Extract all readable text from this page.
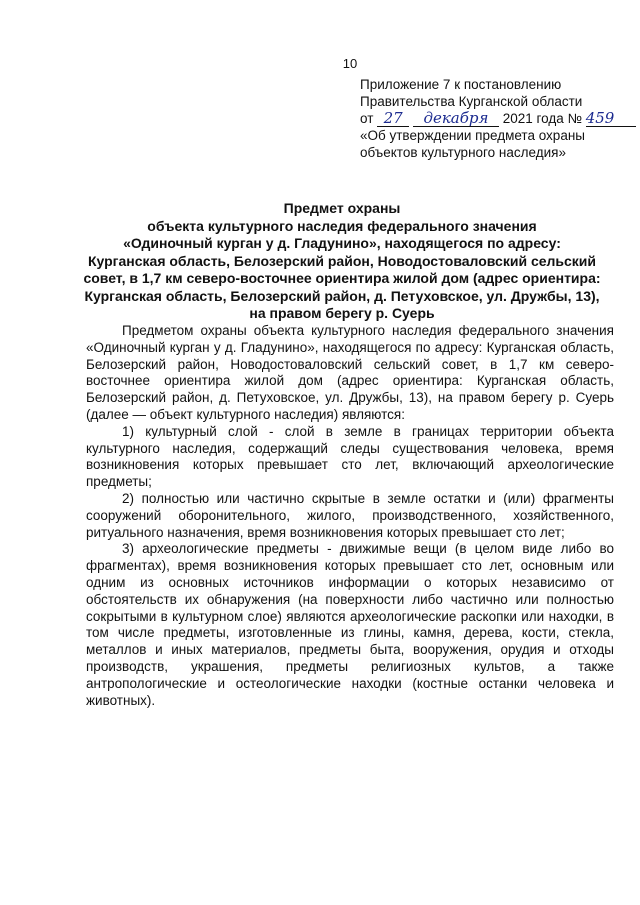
10
Приложение 7 к постановлению
Правительства Курганской области
от 27 декабря 2021 года № 459
«Об утверждении предмета охраны
объектов культурного наследия»
Предмет охраны
объекта культурного наследия федерального значения
«Одиночный курган у д. Гладунино», находящегося по адресу:
Курганская область, Белозерский район, Новодостоваловский сельский
совет, в 1,7 км северо-восточнее ориентира жилой дом (адрес ориентира:
Курганская область, Белозерский район, д. Петуховское, ул. Дружбы, 13),
на правом берегу р. Суерь

Предметом охраны объекта культурного наследия федерального значения «Одиночный курган у д. Гладунино», находящегося по адресу: Курганская область, Белозерский район, Новодостоваловский сельский совет, в 1,7 км северо-восточнее ориентира жилой дом (адрес ориентира: Курганская область, Белозерский район, д. Петуховское, ул. Дружбы, 13), на правом берегу р. Суерь (далее — объект культурного наследия) являются:

1) культурный слой - слой в земле в границах территории объекта культурного наследия, содержащий следы существования человека, время возникновения которых превышает сто лет, включающий археологические предметы;

2) полностью или частично скрытые в земле остатки и (или) фрагменты сооружений оборонительного, жилого, производственного, хозяйственного, ритуального назначения, время возникновения которых превышает сто лет;

3) археологические предметы - движимые вещи (в целом виде либо во фрагментах), время возникновения которых превышает сто лет, основным или одним из основных источников информации о которых независимо от обстоятельств их обнаружения (на поверхности либо частично или полностью сокрытыми в культурном слое) являются археологические раскопки или находки, в том числе предметы, изготовленные из глины, камня, дерева, кости, стекла, металлов и иных материалов, предметы быта, вооружения, орудия и отходы производств, украшения, предметы религиозных культов, а также антропологические и остеологические находки (костные останки человека и животных).
